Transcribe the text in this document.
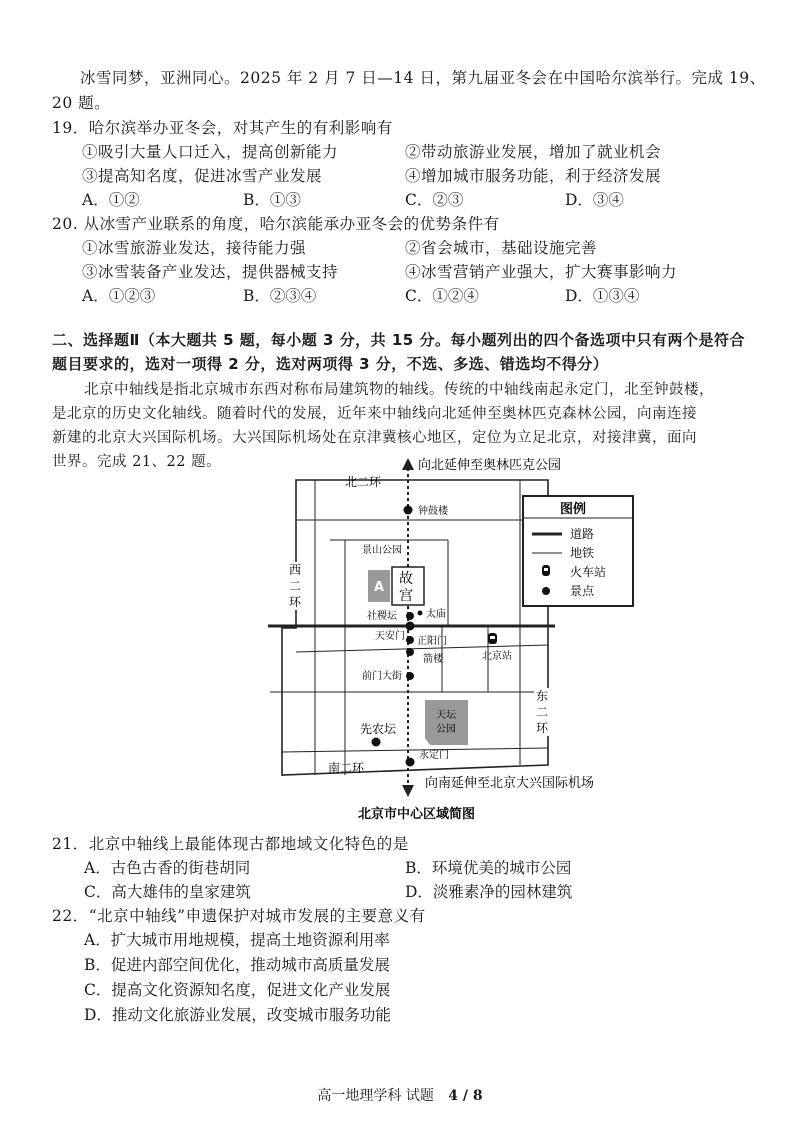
冰雪同梦，亚洲同心。2025 年 2 月 7 日—14 日，第九届亚冬会在中国哈尔滨举行。完成 19、
20 题。
19．哈尔滨举办亚冬会，对其产生的有利影响有
①吸引大量人口迁入，提高创新能力	②带动旅游业发展，增加了就业机会
③提高知名度，促进冰雪产业发展	④增加城市服务功能，利于经济发展
A．①②	B．①③	C．②③	D．③④
20. 从冰雪产业联系的角度，哈尔滨能承办亚冬会的优势条件有
①冰雪旅游业发达，接待能力强	②省会城市，基础设施完善
③冰雪装备产业发达，提供器械支持	④冰雪营销产业强大，扩大赛事影响力
A．①②③	B．②③④	C．①②④	D．①③④
二、选择题Ⅱ（本大题共 5 题，每小题 3 分，共 15 分。每小题列出的四个备选项中只有两个是符合
题目要求的，选对一项得 2 分，选对两项得 3 分，不选、多选、错选均不得分）
北京中轴线是指北京城市东西对称布局建筑物的轴线。传统的中轴线南起永定门，北至钟鼓楼，
是北京的历史文化轴线。随着时代的发展，近年来中轴线向北延伸至奥林匹克森林公园，向南连接
新建的北京大兴国际机场。大兴国际机场处在京津冀核心地区，定位为立足北京，对接津冀，面向
世界。完成 21、22 题。	向北延伸至奥林匹克公园
向南延伸至北京大兴国际机场
北二环
南二环
西
二
环
东
二
环
钟鼓楼
景山公园
故
宫
A
社稷坛	太庙
天安门 正阳门
箭楼
前门大街
北京站
天坛
公园
先农坛
永定门
图例
道路
地铁
火车站
景点
北京市中心区域简图
21．北京中轴线上最能体现古都地域文化特色的是
A．古色古香的街巷胡同	B．环境优美的城市公园
C．高大雄伟的皇家建筑	D．淡雅素净的园林建筑
22．“北京中轴线”申遗保护对城市发展的主要意义有
A．扩大城市用地规模，提高土地资源利用率
B．促进内部空间优化，推动城市高质量发展
C．提高文化资源知名度，促进文化产业发展
D．推动文化旅游业发展，改变城市服务功能
高一地理学科 试题 4 / 8
